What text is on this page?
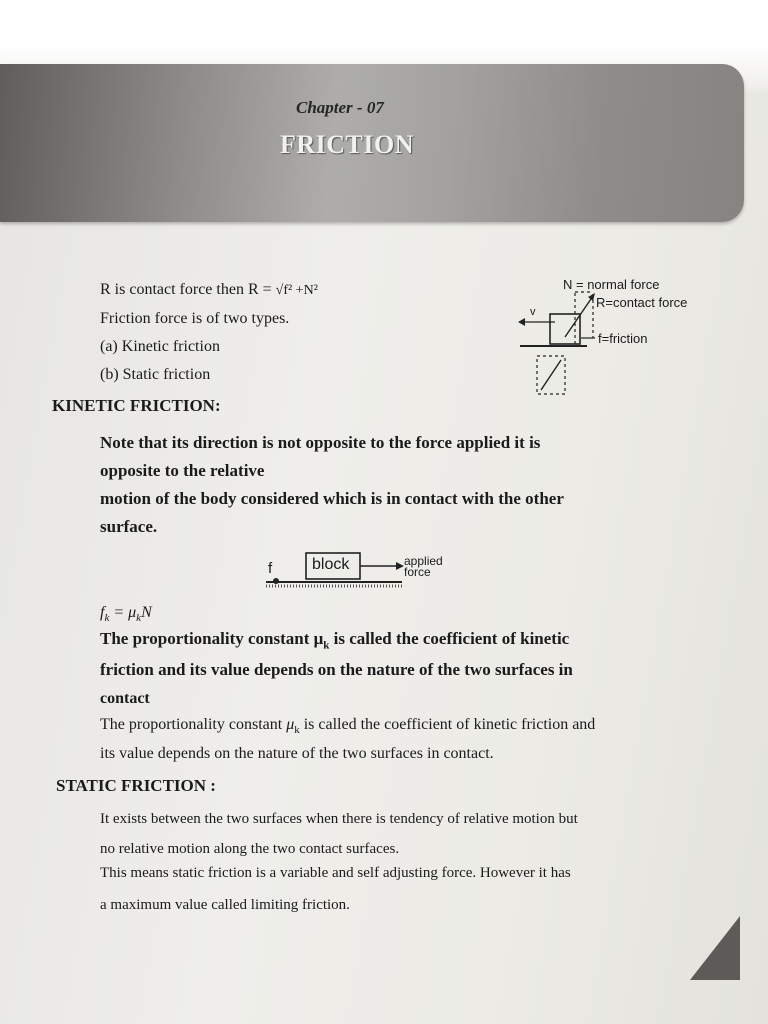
Chapter - 07
FRICTION
R is contact force then R = √f² +N²
Friction force is of two types.
(a) Kinetic friction
(b) Static friction
N = normal force
R=contact force
f=friction
v
KINETIC FRICTION:
Note that its direction is not opposite to the force applied it is
opposite to the relative
motion of the body considered which is in contact with the other
surface.
f block	applied
force
$f_k = \mu_kN$
The proportionality constant $\mu_k$ is called the coefficient of kinetic
friction and its value depends on the nature of the two surfaces in
contact
The proportionality constant $\mu_k$ is called the coefficient of kinetic friction and
its value depends on the nature of the two surfaces in contact.
STATIC FRICTION :
It exists between the two surfaces when there is tendency of relative motion but
no relative motion along the two contact surfaces.
This means static friction is a variable and self adjusting force. However it has
a maximum value called limiting friction.
